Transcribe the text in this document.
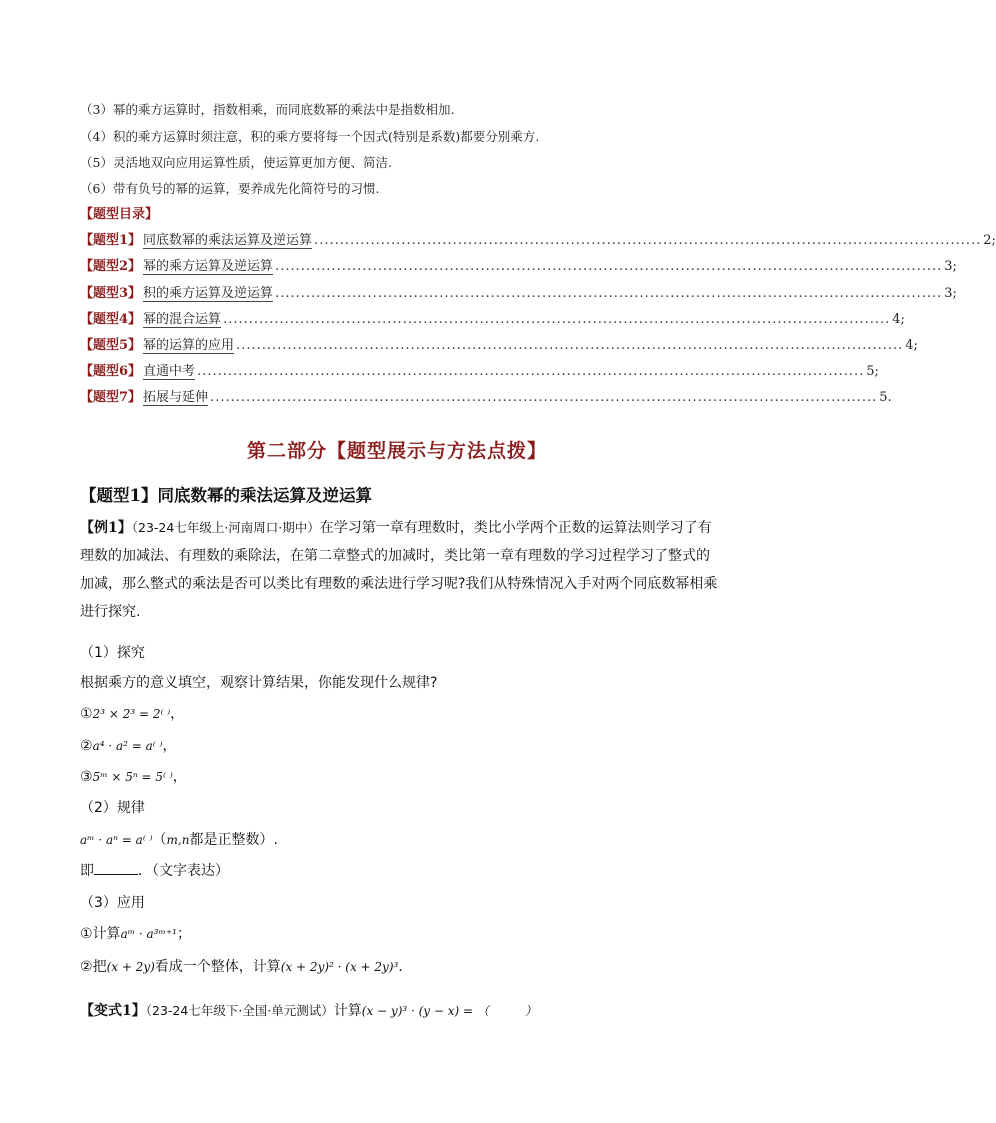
（3）幂的乘方运算时，指数相乘，而同底数幂的乘法中是指数相加.
（4）积的乘方运算时须注意，积的乘方要将每一个因式(特别是系数)都要分别乘方.
（5）灵活地双向应用运算性质，使运算更加方便、简洁.
（6）带有负号的幂的运算，要养成先化简符号的习惯.
【题型目录】
【题型1】 同底数幂的乘法运算及逆运算 .................................................................................................................................. 2;
【题型2】 幂的乘方运算及逆运算 .................................................................................................................................. 3;
【题型3】 积的乘方运算及逆运算 .................................................................................................................................. 3;
【题型4】 幂的混合运算 .................................................................................................................................. 4;
【题型5】 幂的运算的应用 .................................................................................................................................. 4;
【题型6】 直通中考 .................................................................................................................................. 5;
【题型7】 拓展与延伸 .................................................................................................................................. 5.
第二部分【题型展示与方法点拨】
【题型1】同底数幂的乘法运算及逆运算
【例1】（23-24七年级上·河南周口·期中）在学习第一章有理数时，类比小学两个正数的运算法则学习了有理数的加减法、有理数的乘除法，在第二章整式的加减时，类比第一章有理数的学习过程学习了整式的加减，那么整式的乘法是否可以类比有理数的乘法进行学习呢?我们从特殊情况入手对两个同底数幂相乘进行探究.
（1）探究
根据乘方的意义填空，观察计算结果，你能发现什么规律?
①2³ × 2³ = 2⁽ ⁾，
②a⁴ · a² = a⁽ ⁾，
③5ᵐ × 5ⁿ = 5⁽ ⁾，
（2）规律
aᵐ · aⁿ = a⁽ ⁾（m,n都是正整数）.
即	．（文字表达）
（3）应用
①计算aᵐ · a³ᵐ⁺¹；
②把(x + 2y)看成一个整体，计算(x + 2y)² · (x + 2y)³．
【变式1】（23-24七年级下·全国·单元测试）计算(x − y)³ · (y − x) = （　　　）
